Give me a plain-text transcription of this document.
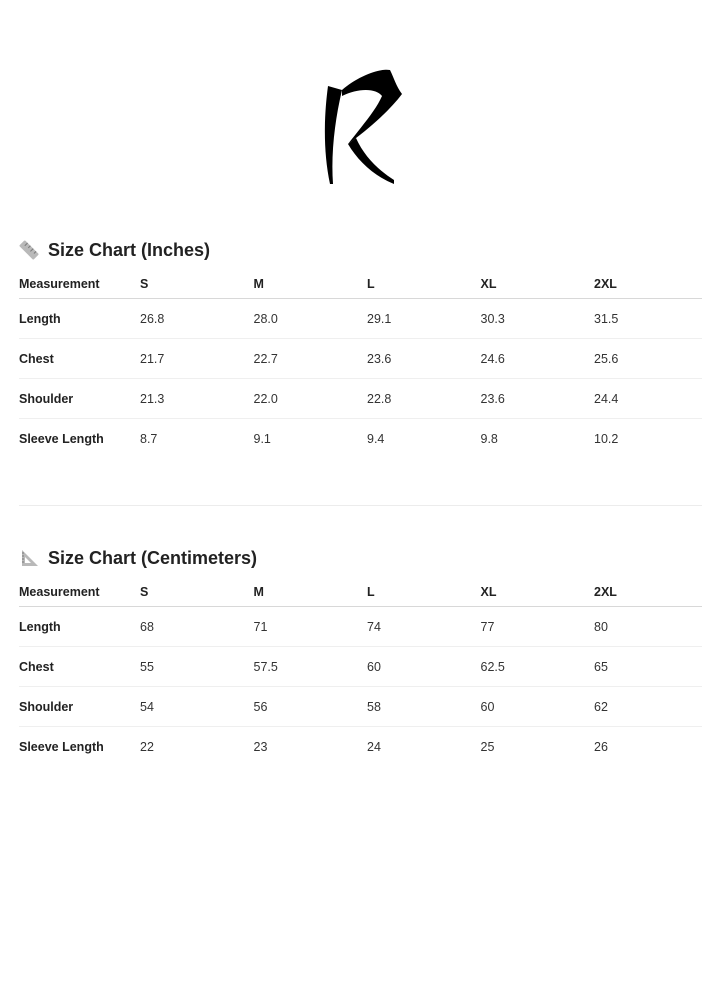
Size Chart (Inches)
Measurement	S	M	L	XL	2XL
Length	26.8	28.0	29.1	30.3	31.5
Chest	21.7	22.7	23.6	24.6	25.6
Shoulder	21.3	22.0	22.8	23.6	24.4
Sleeve Length	8.7	9.1	9.4	9.8	10.2
Size Chart (Centimeters)
Measurement	S	M	L	XL	2XL
Length	68	71	74	77	80
Chest	55	57.5	60	62.5	65
Shoulder	54	56	58	60	62
Sleeve Length	22	23	24	25	26
